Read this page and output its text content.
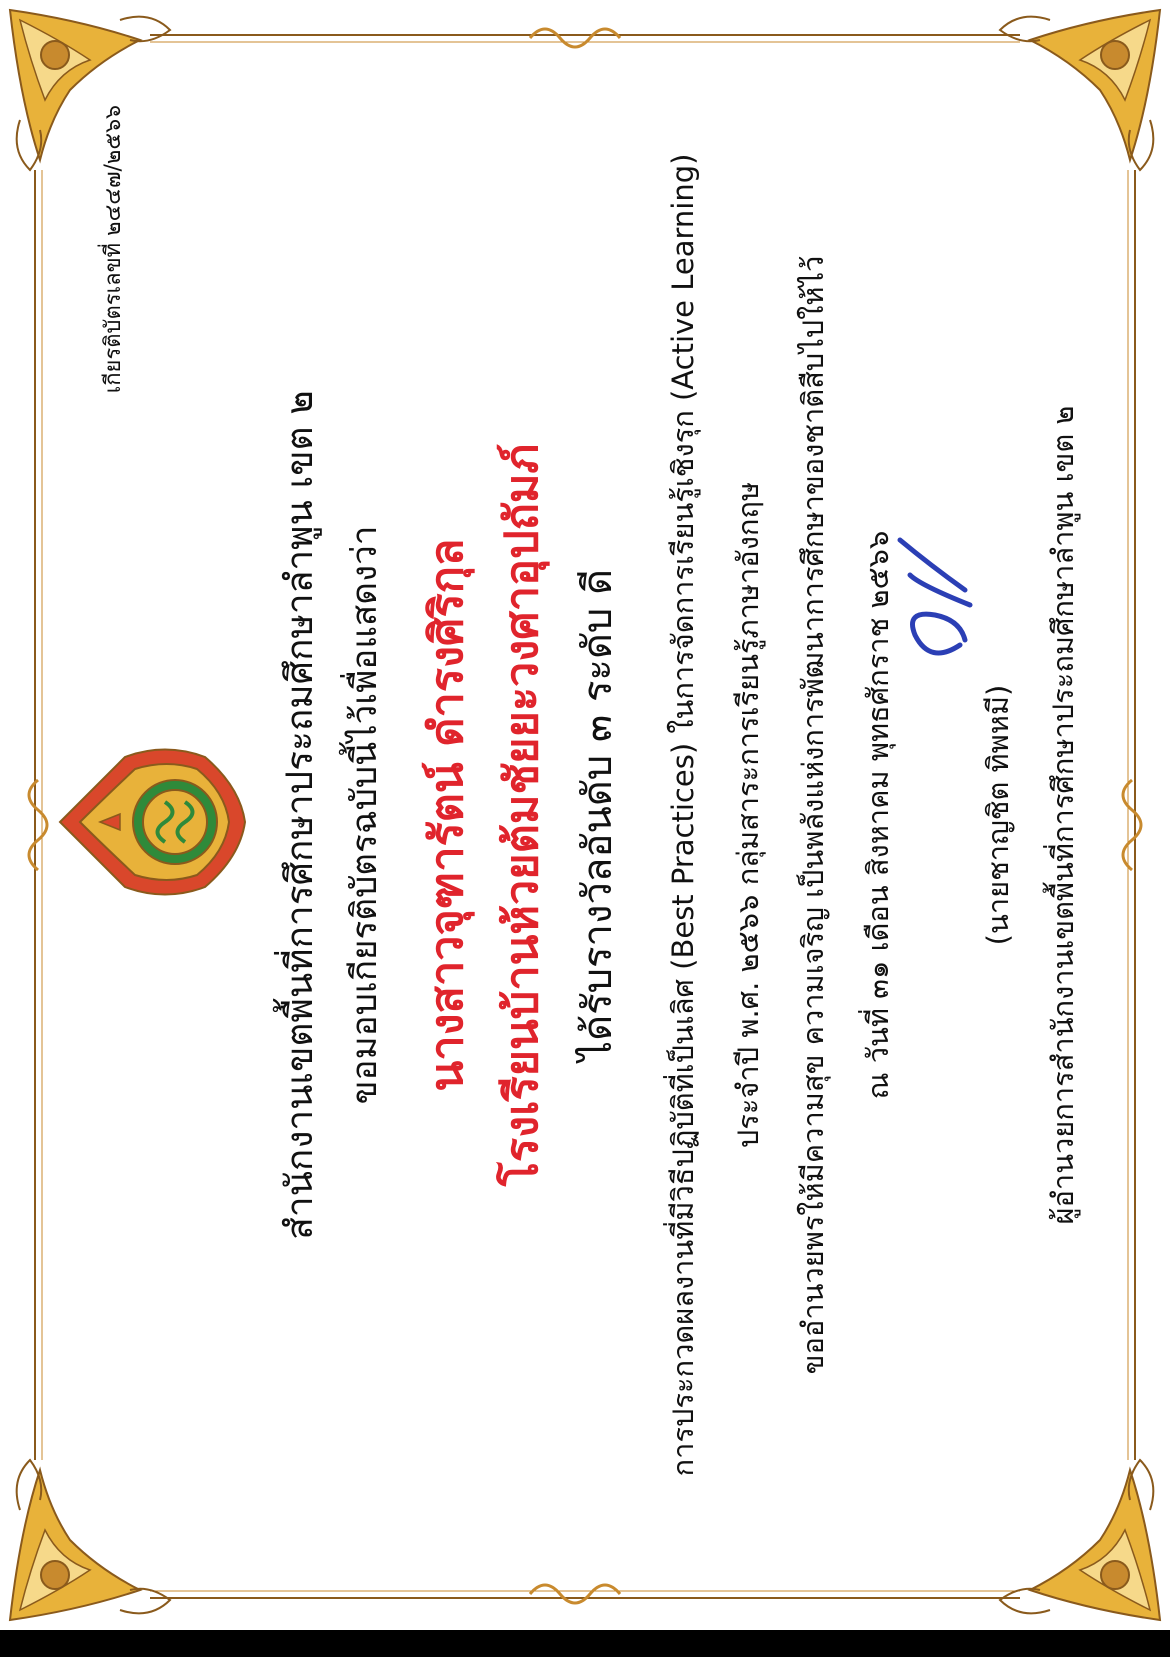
เกียรติบัตรเลขที่ ๒๔๔๗/๒๕๖๖
สำนักงานเขตพื้นที่การศึกษาประถมศึกษาลำพูน เขต ๒ ขอมอบเกียรติบัตรฉบับนี้ไว้เพื่อแสดงว่า นางสาวจุฑารัตน์ ดำรงศิริกุล โรงเรียนบ้านห้วยต้มชัยยะวงศาอุปถัมภ์ ได้รับรางวัลอันดับ ๓ ระดับ ดี การประกวดผลงานที่มีวิธีปฏิบัติที่เป็นเลิศ (Best Practices) ในการจัดการเรียนรู้เชิงรุก (Active Learning) ประจำปี พ.ศ. ๒๕๖๖ กลุ่มสาระการเรียนรู้ภาษาอังกฤษ ขออำนวยพรให้มีความสุข ความเจริญ เป็นพลังแห่งการพัฒนาการศึกษาของชาติสืบไปให้ไว้ ณ วันที่ ๓๑ เดือน สิงหาคม พุทธศักราช ๒๕๖๖	(นายชาญชิต ทิพหมี) ผู้อำนวยการสำนักงานเขตพื้นที่การศึกษาประถมศึกษาลำพูน เขต ๒
